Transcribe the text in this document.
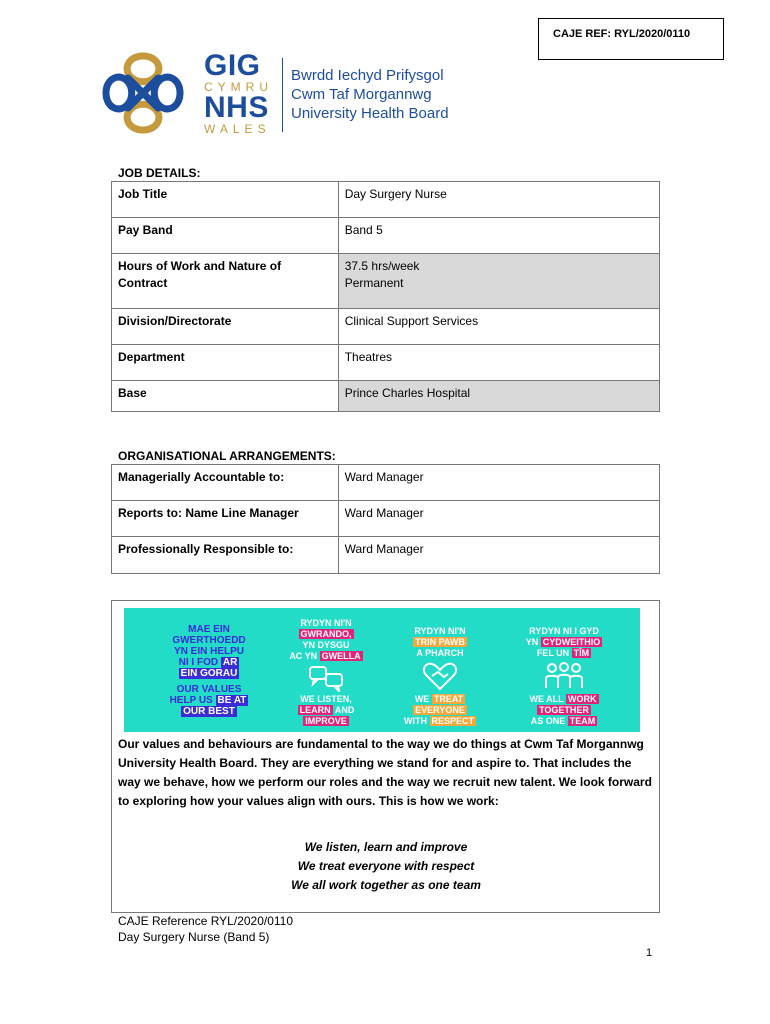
CAJE REF: RYL/2020/0110
GIG
CYMRU
NHS
WALES
Bwrdd Iechyd Prifysgol
Cwm Taf Morgannwg
University Health Board
JOB DETAILS:
Job Title	Day Surgery Nurse
Pay Band	Band 5
Hours of Work and Nature of Contract	37.5 hrs/week
Permanent

Division/Directorate	Clinical Support Services
Department	Theatres
Base	Prince Charles Hospital
ORGANISATIONAL ARRANGEMENTS:
Managerially Accountable to:	Ward Manager
Reports to: Name Line Manager	Ward Manager
Professionally Responsible to:	Ward Manager
MAE EIN
GWERTHOEDD
YN EIN HELPU
NI I FOD AR
EIN GORAU
OUR VALUES
HELP US BE AT
OUR BEST
RYDYN NI'N
GWRANDO,
YN DYSGU
AC YN GWELLA
WE LISTEN,
LEARN AND
IMPROVE
RYDYN NI'N
TRIN PAWB
A PHARCH
WE TREAT
EVERYONE
WITH RESPECT
RYDYN NI I GYD
YN CYDWEITHIO
FEL UN TÎM
WE ALL WORK
TOGETHER
AS ONE TEAM
Our values and behaviours are fundamental to the way we do things at Cwm Taf Morgannwg University Health Board. They are everything we stand for and aspire to. That includes the way we behave, how we perform our roles and the way we recruit new talent. We look forward to exploring how your values align with ours. This is how we work:
We listen, learn and improve
We treat everyone with respect
We all work together as one team
CAJE Reference RYL/2020/0110
Day Surgery Nurse (Band 5)
1
